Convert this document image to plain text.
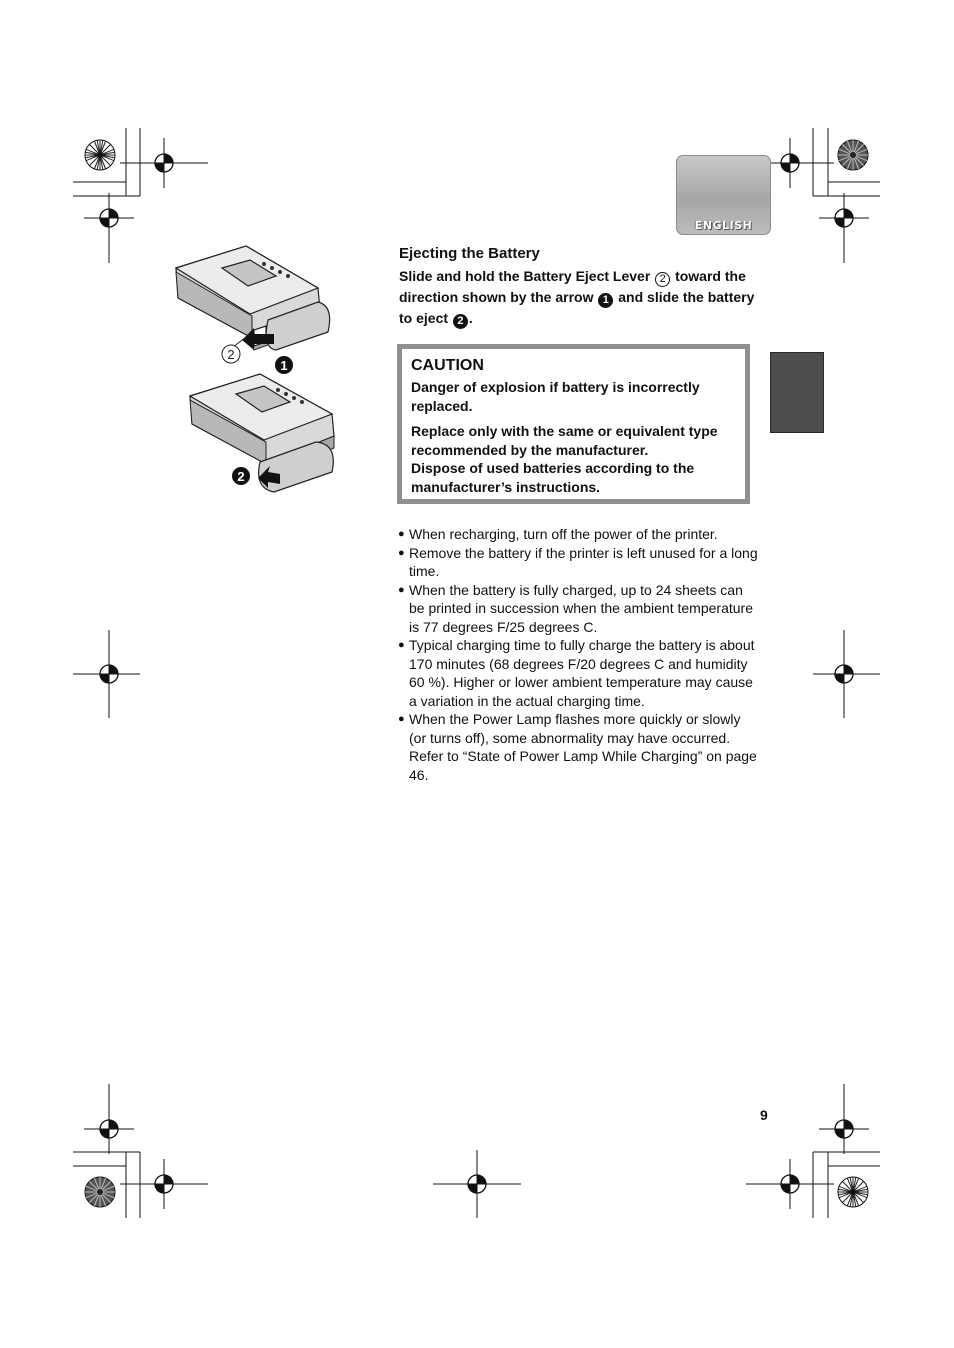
ENGLISH
2
1
2
Ejecting the Battery

Slide and hold the Battery Eject Lever 2 toward the direction shown by the arrow 1 and slide the battery to eject 2 .

CAUTION

Danger of explosion if battery is incorrectly replaced.

Replace only with the same or equivalent type recommended by the manufacturer.

Dispose of used batteries according to the manufacturer’s instructions.

● When recharging, turn off the power of the printer.
● Remove the battery if the printer is left unused for a long time.
● When the battery is fully charged, up to 24 sheets can be printed in succession when the ambient temperature is 77 degrees F/25 degrees C.
● Typical charging time to fully charge the battery is about 170 minutes (68 degrees F/20 degrees C and humidity 60 %). Higher or lower ambient temperature may cause a variation in the actual charging time.
● When the Power Lamp flashes more quickly or slowly (or turns off), some abnormality may have occurred. Refer to “State of Power Lamp While Charging” on page 46.

9
